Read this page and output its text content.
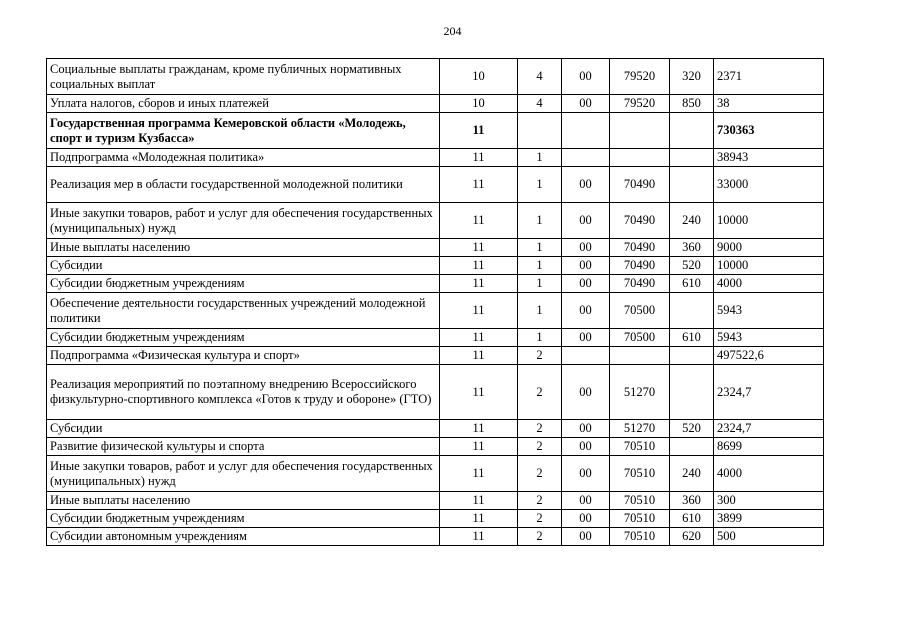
204
Социальные выплаты гражданам, кроме публичных нормативных социальных выплат	10	4	00	79520	320	2371
Уплата налогов, сборов и иных платежей	10	4	00	79520	850	38
Государственная программа Кемеровской области «Молодежь, спорт и туризм Кузбасса»	11					730363
Подпрограмма «Молодежная политика»	11	1				38943
Реализация мер в области государственной молодежной политики	11	1	00	70490		33000
Иные закупки товаров, работ и услуг для обеспечения государственных (муниципальных) нужд	11	1	00	70490	240	10000
Иные выплаты населению	11	1	00	70490	360	9000
Субсидии	11	1	00	70490	520	10000
Субсидии бюджетным учреждениям	11	1	00	70490	610	4000
Обеспечение деятельности государственных учреждений молодежной политики	11	1	00	70500		5943
Субсидии бюджетным учреждениям	11	1	00	70500	610	5943
Подпрограмма «Физическая культура и спорт»	11	2				497522,6
Реализация мероприятий по поэтапному внедрению Всероссийского физкультурно-спортивного комплекса «Готов к труду и обороне» (ГТО)	11	2	00	51270		2324,7
Субсидии	11	2	00	51270	520	2324,7
Развитие физической культуры и спорта	11	2	00	70510		8699
Иные закупки товаров, работ и услуг для обеспечения государственных (муниципальных) нужд	11	2	00	70510	240	4000
Иные выплаты населению	11	2	00	70510	360	300
Субсидии бюджетным учреждениям	11	2	00	70510	610	3899
Субсидии автономным учреждениям	11	2	00	70510	620	500
